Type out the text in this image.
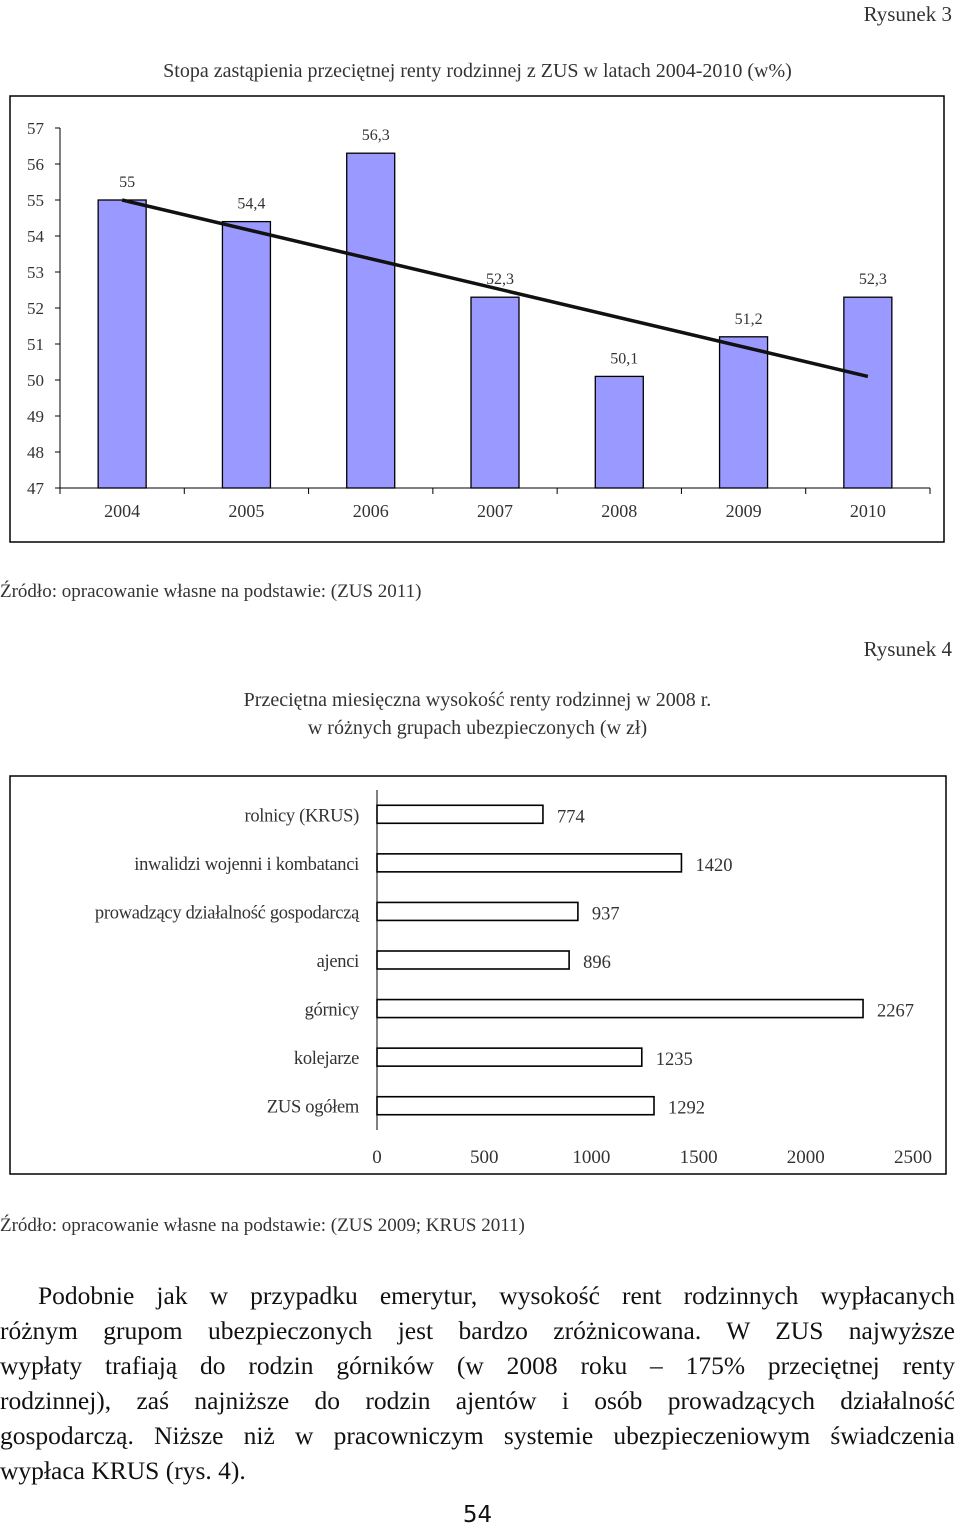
Rysunek 3
Stopa zastąpienia przeciętnej renty rodzinnej z ZUS w latach 2004-2010 (w%)
47
48
49
50
51
52
53
54
55
56
57
2004	2005	2006	2007	2008	2009	2010
55
54,4
56,3
52,3
50,1
51,2
52,3
Źródło: opracowanie własne na podstawie: (ZUS 2011)
Rysunek 4
Przeciętna miesięczna wysokość renty rodzinnej w 2008 r.
w różnych grupach ubezpieczonych (w zł)
rolnicy (KRUS)	774
inwalidzi wojenni i kombatanci	1420
prowadzący działalność gospodarczą	937
ajenci	896
górnicy	2267
kolejarze	1235
ZUS ogółem	1292
0	500	1000	1500	2000	2500
Źródło: opracowanie własne na podstawie: (ZUS 2009; KRUS 2011)
Podobnie jak w przypadku emerytur, wysokość rent rodzinnych wypłacanych
różnym grupom ubezpieczonych jest bardzo zróżnicowana. W ZUS najwyższe
wypłaty trafiają do rodzin górników (w 2008 roku – 175% przeciętnej renty
rodzinnej), zaś najniższe do rodzin ajentów i osób prowadzących działalność
gospodarczą. Niższe niż w pracowniczym systemie ubezpieczeniowym świadczenia
wypłaca KRUS (rys. 4).
54
